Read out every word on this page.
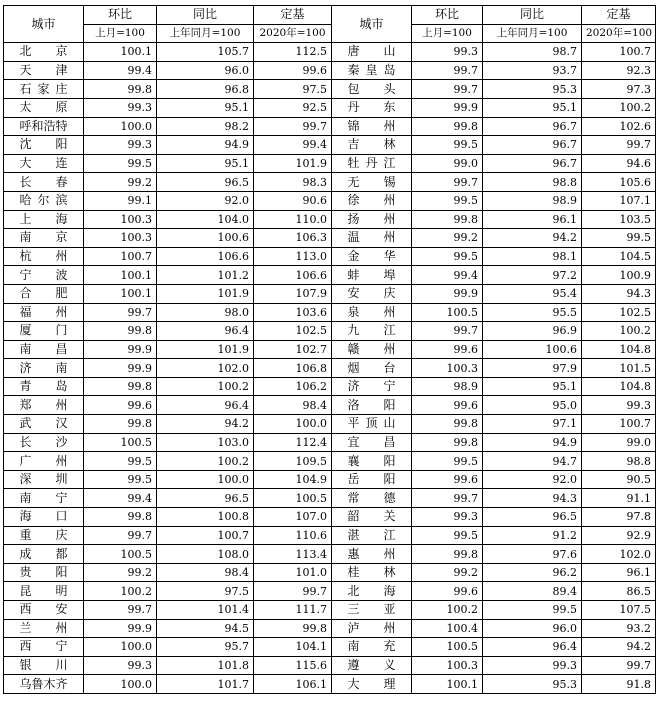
城市	环比	同比	定基	城市	环比	同比	定基
	上月=100	上年同月=100	2020年=100		上月=100	上年同月=100	2020年=100
北京	100.1	105.7	112.5	唐山	99.3	98.7	100.7
天津	99.4	96.0	99.6	秦皇岛	99.7	93.7	92.3
石家庄	99.8	96.8	97.5	包头	99.7	95.3	97.3
太原	99.3	95.1	92.5	丹东	99.9	95.1	100.2
呼和浩特	100.0	98.2	99.7	锦州	99.8	96.7	102.6
沈阳	99.3	94.9	99.4	吉林	99.5	96.7	99.7
大连	99.5	95.1	101.9	牡丹江	99.0	96.7	94.6
长春	99.2	96.5	98.3	无锡	99.7	98.8	105.6
哈尔滨	99.1	92.0	90.6	徐州	99.5	98.9	107.1
上海	100.3	104.0	110.0	扬州	99.8	96.1	103.5
南京	100.3	100.6	106.3	温州	99.2	94.2	99.5
杭州	100.7	106.6	113.0	金华	99.5	98.1	104.5
宁波	100.1	101.2	106.6	蚌埠	99.4	97.2	100.9
合肥	100.1	101.9	107.9	安庆	99.9	95.4	94.3
福州	99.7	98.0	103.6	泉州	100.5	95.5	102.5
厦门	99.8	96.4	102.5	九江	99.7	96.9	100.2
南昌	99.9	101.9	102.7	赣州	99.6	100.6	104.8
济南	99.9	102.0	106.8	烟台	100.3	97.9	101.5
青岛	99.8	100.2	106.2	济宁	98.9	95.1	104.8
郑州	99.6	96.4	98.4	洛阳	99.6	95.0	99.3
武汉	99.8	94.2	100.0	平顶山	99.8	97.1	100.7
长沙	100.5	103.0	112.4	宜昌	99.8	94.9	99.0
广州	99.5	100.2	109.5	襄阳	99.5	94.7	98.8
深圳	99.5	100.0	104.9	岳阳	99.6	92.0	90.5
南宁	99.4	96.5	100.5	常德	99.7	94.3	91.1
海口	99.8	100.8	107.0	韶关	99.3	96.5	97.8
重庆	99.7	100.7	110.6	湛江	99.5	91.2	92.9
成都	100.5	108.0	113.4	惠州	99.8	97.6	102.0
贵阳	99.2	98.4	101.0	桂林	99.2	96.2	96.1
昆明	100.2	97.5	99.7	北海	99.6	89.4	86.5
西安	99.7	101.4	111.7	三亚	100.2	99.5	107.5
兰州	99.9	94.5	99.8	泸州	100.4	96.0	93.2
西宁	100.0	95.7	104.1	南充	100.5	96.4	94.2
银川	99.3	101.8	115.6	遵义	100.3	99.3	99.7
乌鲁木齐	100.0	101.7	106.1	大理	100.1	95.3	91.8
